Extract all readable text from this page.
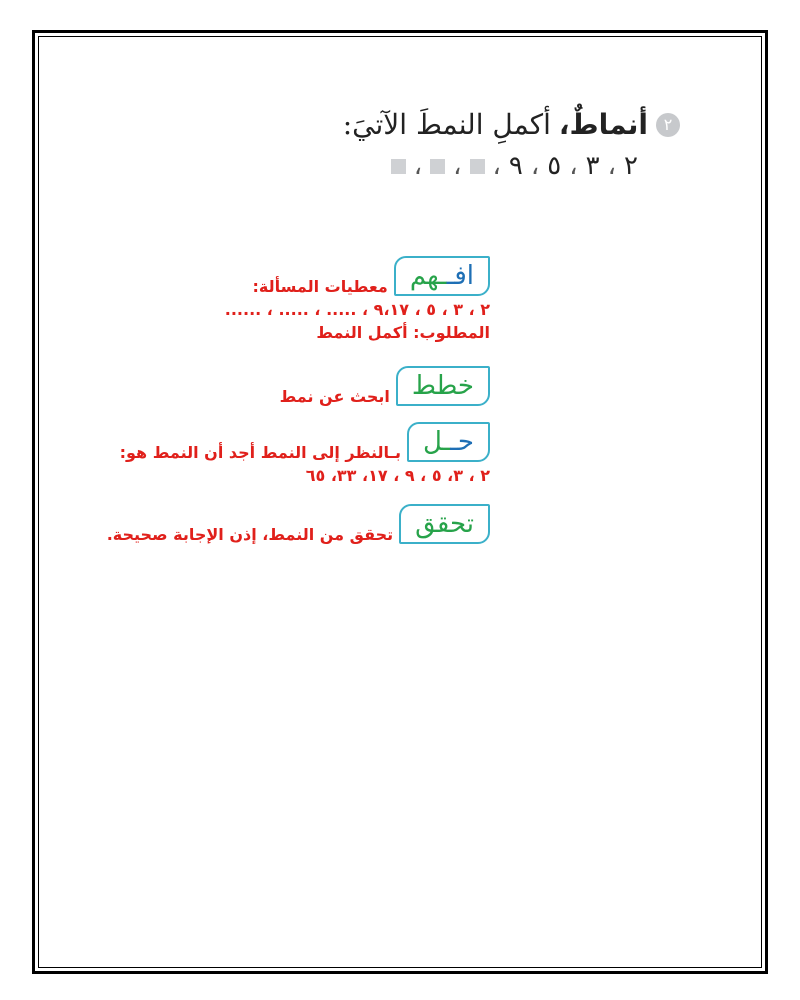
٢
أنماطٌ،
أكملِ النمطَ الآتيَ:
٢
،
٣
،
٥
،
٩
،
،
،
افــهم
معطيات المسألة:
٢ ، ٣ ، ٥ ، ٩،١٧ ، ..... ، ..... ، ......
المطلوب: أكمل النمط
خطط
ابحث عن نمط
حــل
بـالنظر إلى النمط أجد أن النمط هو:
٢ ، ٣، ٥ ، ٩ ، ١٧، ٣٣، ٦٥
تحقق
تحقق من النمط، إذن الإجابة صحيحة.
